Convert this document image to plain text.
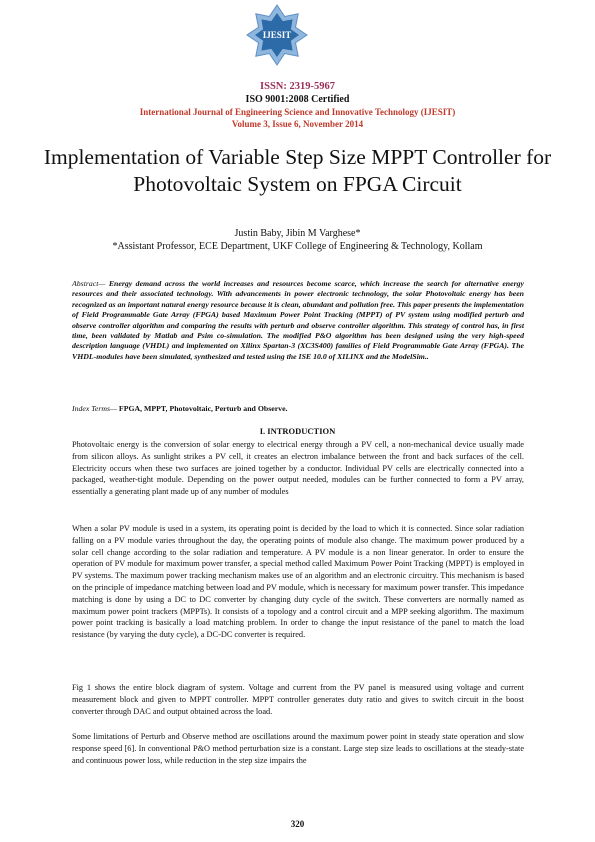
IJESIT
ISSN: 2319-5967
ISO 9001:2008 Certified
International Journal of Engineering Science and Innovative Technology (IJESIT)
Volume 3, Issue 6, November 2014
Implementation of Variable Step Size MPPT Controller for Photovoltaic System on FPGA Circuit
Justin Baby, Jibin M Varghese*
*Assistant Professor, ECE Department, UKF College of Engineering & Technology, Kollam

Abstract— Energy demand across the world increases and resources become scarce, which increase the search for alternative energy resources and their associated technology. With advancements in power electronic technology, the solar Photovoltaic energy has been recognized as an important natural energy resource because it is clean, abundant and pollution free. This paper presents the implementation of Field Programmable Gate Array (FPGA) based Maximum Power Point Tracking (MPPT) of PV system using modified perturb and observe controller algorithm and comparing the results with perturb and observe controller algorithm. This strategy of control has, in first time, been validated by Matlab and Psim co-simulation. The modified P&O algorithm has been designed using the very high-speed description language (VHDL) and implemented on Xilinx Spartan-3 (XC3S400) families of Field Programmable Gate Array (FPGA). The VHDL-modules have been simulated, synthesized and tested using the ISE 10.0 of XILINX and the ModelSim..

Index Terms— FPGA, MPPT, Photovoltaic, Perturb and Observe.

I. INTRODUCTION

Photovoltaic energy is the conversion of solar energy to electrical energy through a PV cell, a non-mechanical device usually made from silicon alloys. As sunlight strikes a PV cell, it creates an electron imbalance between the front and back surfaces of the cell. Electricity occurs when these two surfaces are joined together by a conductor. Individual PV cells are electrically connected into a packaged, weather-tight module. Depending on the power output needed, modules can be further connected to form a PV array, essentially a generating plant made up of any number of modules

When a solar PV module is used in a system, its operating point is decided by the load to which it is connected. Since solar radiation falling on a PV module varies throughout the day, the operating points of module also change. The maximum power produced by a solar cell change according to the solar radiation and temperature. A PV module is a non linear generator. In order to ensure the operation of PV module for maximum power transfer, a special method called Maximum Power Point Tracking (MPPT) is employed in PV systems. The maximum power tracking mechanism makes use of an algorithm and an electronic circuitry. This mechanism is based on the principle of impedance matching between load and PV module, which is necessary for maximum power transfer. This impedance matching is done by using a DC to DC converter by changing duty cycle of the switch. These converters are normally named as maximum power point trackers (MPPTs). It consists of a topology and a control circuit and a MPP seeking algorithm. The maximum power point tracking is basically a load matching problem. In order to change the input resistance of the panel to match the load resistance (by varying the duty cycle), a DC-DC converter is required.

Fig 1 shows the entire block diagram of system. Voltage and current from the PV panel is measured using voltage and current measurement block and given to MPPT controller. MPPT controller generates duty ratio and gives to switch circuit in the boost converter through DAC and output obtained across the load.

Some limitations of Perturb and Observe method are oscillations around the maximum power point in steady state operation and slow response speed [6]. In conventional P&O method perturbation size is a constant. Large step size leads to oscillations at the steady-state and continuous power loss, while reduction in the step size impairs the

320
